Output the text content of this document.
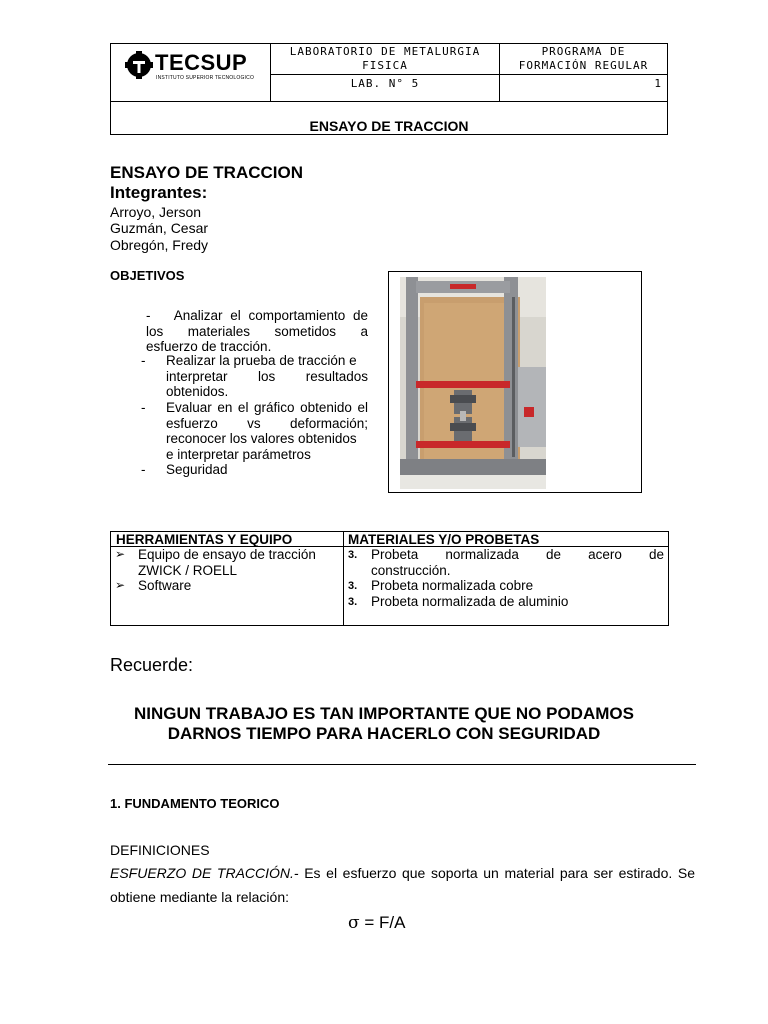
TECSUP
INSTITUTO SUPERIOR TECNOLOGICO
LABORATORIO DE METALURGIA
FISICA
PROGRAMA DE
FORMACIÓN REGULAR
LAB. N° 5	1
ENSAYO DE TRACCION
ENSAYO DE TRACCION
Integrantes:
Arroyo, Jerson
Guzmán, Cesar
Obregón, Fredy
OBJETIVOS
- Analizar el comportamiento de
los materiales sometidos a
esfuerzo de tracción.
- Realizar la prueba de tracción e
interpretar los resultados
obtenidos.
- Evaluar en el gráfico obtenido el
esfuerzo vs deformación;
reconocer los valores obtenidos
e interpretar parámetros
- Seguridad
HERRAMIENTAS Y EQUIPO	MATERIALES Y/O PROBETAS
➢ Equipo de ensayo de tracción
ZWICK / ROELL
➢ Software
3. Probeta normalizada de acero de
construcción.
3. Probeta normalizada cobre
3. Probeta normalizada de aluminio
Recuerde:
NINGUN TRABAJO ES TAN IMPORTANTE QUE NO PODAMOS
DARNOS TIEMPO PARA HACERLO CON SEGURIDAD
1. FUNDAMENTO TEORICO
DEFINICIONES
ESFUERZO DE TRACCIÓN.- Es el esfuerzo que soporta un material para ser estirado. Se
obtiene mediante la relación:
σ = F/A
